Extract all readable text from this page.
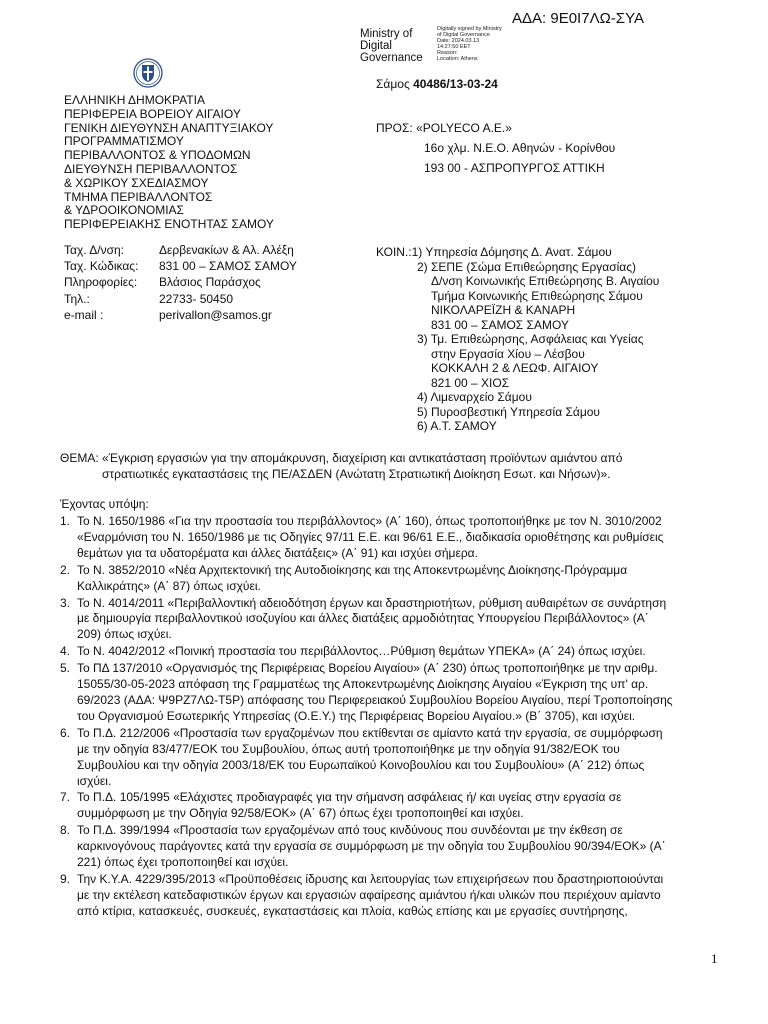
ΑΔΑ: 9Ε0Ι7ΛΩ-ΣΥΑ
Ministry of
Digital
Governance
Digitally signed by Ministry
of Digital Governance
Date: 2024.03.13
14:27:50 EET
Reason:
Location: Athens
Σάμος 40486/13-03-24
ΕΛΛΗΝΙΚΗ ΔΗΜΟΚΡΑΤΙΑ
ΠΕΡΙΦΕΡΕΙΑ ΒΟΡΕΙΟΥ ΑΙΓΑΙΟΥ
ΓΕΝΙΚΗ ΔΙΕΥΘΥΝΣΗ ΑΝΑΠΤΥΞΙΑΚΟΥ
ΠΡΟΓΡΑΜΜΑΤΙΣΜΟΥ
ΠΕΡΙΒΑΛΛΟΝΤΟΣ & ΥΠΟΔΟΜΩΝ
ΔΙΕΥΘΥΝΣΗ ΠΕΡΙΒΑΛΛΟΝΤΟΣ
& ΧΩΡΙΚΟΥ ΣΧΕΔΙΑΣΜΟΥ
ΤΜΗΜΑ ΠΕΡΙΒΑΛΛΟΝΤΟΣ
& ΥΔΡΟΟΙΚΟΝΟΜΙΑΣ
ΠΕΡΙΦΕΡΕΙΑΚΗΣ ΕΝΟΤΗΤΑΣ ΣΑΜΟΥ
Ταχ. Δ/νση:	Δερβενακίων & Αλ. Αλέξη
Ταχ. Κώδικας:	831 00 – ΣΑΜΟΣ ΣΑΜΟΥ
Πληροφορίες:	Βλάσιος Παράσχος
Τηλ.:	22733- 50450
e-mail :	perivallon@samos.gr
ΠΡΟΣ: «POLYECO A.E.»
16ο χλμ. Ν.Ε.Ο. Αθηνών - Κορίνθου
193 00 - ΑΣΠΡΟΠΥΡΓΟΣ ΑΤΤΙΚΗ
ΚΟΙΝ.:1) Υπηρεσία Δόμησης Δ. Ανατ. Σάμου
2) ΣΕΠΕ (Σώμα Επιθεώρησης Εργασίας)
Δ/νση Κοινωνικής Επιθεώρησης Β. Αιγαίου
Τμήμα Κοινωνικής Επιθεώρησης Σάμου
ΝΙΚΟΛΑΡΕΪΖΗ & ΚΑΝΑΡΗ
831 00 – ΣΑΜΟΣ ΣΑΜΟΥ
3) Τμ. Επιθεώρησης, Ασφάλειας και Υγείας
στην Εργασία Χίου – Λέσβου
ΚΟΚΚΑΛΗ 2 & ΛΕΩΦ. ΑΙΓΑΙΟΥ
821 00 – ΧΙΟΣ
4) Λιμεναρχείο Σάμου
5) Πυροσβεστική Υπηρεσία Σάμου
6) Α.Τ. ΣΑΜΟΥ
ΘΕΜΑ: «Έγκριση εργασιών για την απομάκρυνση, διαχείριση και αντικατάσταση προϊόντων αμιάντου από
στρατιωτικές εγκαταστάσεις της ΠΕ/ΑΣΔΕΝ (Ανώτατη Στρατιωτική Διοίκηση Εσωτ. και Νήσων)».
Έχοντας υπόψη:
1. Το Ν. 1650/1986 «Για την προστασία του περιβάλλοντος» (Α΄ 160), όπως τροποποιήθηκε με τον Ν. 3010/2002
«Εναρμόνιση του Ν. 1650/1986 με τις Οδηγίες 97/11 Ε.Ε. και 96/61 Ε.Ε., διαδικασία οριοθέτησης και ρυθμίσεις
θεμάτων για τα υδατορέματα και άλλες διατάξεις» (Α΄ 91) και ισχύει σήμερα.
2. Το Ν. 3852/2010 «Νέα Αρχιτεκτονική της Αυτοδιοίκησης και της Αποκεντρωμένης Διοίκησης-Πρόγραμμα
Καλλικράτης» (Α΄ 87) όπως ισχύει.
3. Το Ν. 4014/2011 «Περιβαλλοντική αδειοδότηση έργων και δραστηριοτήτων, ρύθμιση αυθαιρέτων σε συνάρτηση
με δημιουργία περιβαλλοντικού ισοζυγίου και άλλες διατάξεις αρμοδιότητας Υπουργείου Περιβάλλοντος» (Α΄
209) όπως ισχύει.
4. Το Ν. 4042/2012 «Ποινική προστασία του περιβάλλοντος…Ρύθμιση θεμάτων ΥΠΕΚΑ» (Α΄ 24) όπως ισχύει.
5. Το ΠΔ 137/2010 «Οργανισμός της Περιφέρειας Βορείου Αιγαίου» (Α΄ 230) όπως τροποποιήθηκε με την αριθμ.
15055/30-05-2023 απόφαση της Γραμματέως της Αποκεντρωμένης Διοίκησης Αιγαίου «Έγκριση της υπ' αρ.
69/2023 (ΑΔΑ: Ψ9ΡΖ7ΛΩ-Τ5Ρ) απόφασης του Περιφερειακού Συμβουλίου Βορείου Αιγαίου, περί Τροποποίησης
του Οργανισμού Εσωτερικής Υπηρεσίας (Ο.Ε.Υ.) της Περιφέρειας Βορείου Αιγαίου.» (Β΄ 3705), και ισχύει.
6. Το Π.Δ. 212/2006 «Προστασία των εργαζομένων που εκτίθενται σε αμίαντο κατά την εργασία, σε συμμόρφωση
με την οδηγία 83/477/ΕΟΚ του Συμβουλίου, όπως αυτή τροποποιήθηκε με την οδηγία 91/382/ΕΟΚ του
Συμβουλίου και την οδηγία 2003/18/ΕΚ του Ευρωπαϊκού Κοινοβουλίου και του Συμβουλίου» (Α΄ 212) όπως
ισχύει.
7. Το Π.Δ. 105/1995 «Ελάχιστες προδιαγραφές για την σήμανση ασφάλειας ή/ και υγείας στην εργασία σε
συμμόρφωση με την Οδηγία 92/58/ΕΟΚ» (Α΄ 67) όπως έχει τροποποιηθεί και ισχύει.
8. Το Π.Δ. 399/1994 «Προστασία των εργαζομένων από τους κινδύνους που συνδέονται με την έκθεση σε
καρκινογόνους παράγοντες κατά την εργασία σε συμμόρφωση με την οδηγία του Συμβουλίου 90/394/ΕΟΚ» (Α΄
221) όπως έχει τροποποιηθεί και ισχύει.
9. Την Κ.Υ.Α. 4229/395/2013 «Προϋποθέσεις ίδρυσης και λειτουργίας των επιχειρήσεων που δραστηριοποιούνται
με την εκτέλεση κατεδαφιστικών έργων και εργασιών αφαίρεσης αμιάντου ή/και υλικών που περιέχουν αμίαντο
από κτίρια, κατασκευές, συσκευές, εγκαταστάσεις και πλοία, καθώς επίσης και με εργασίες συντήρησης,
1
